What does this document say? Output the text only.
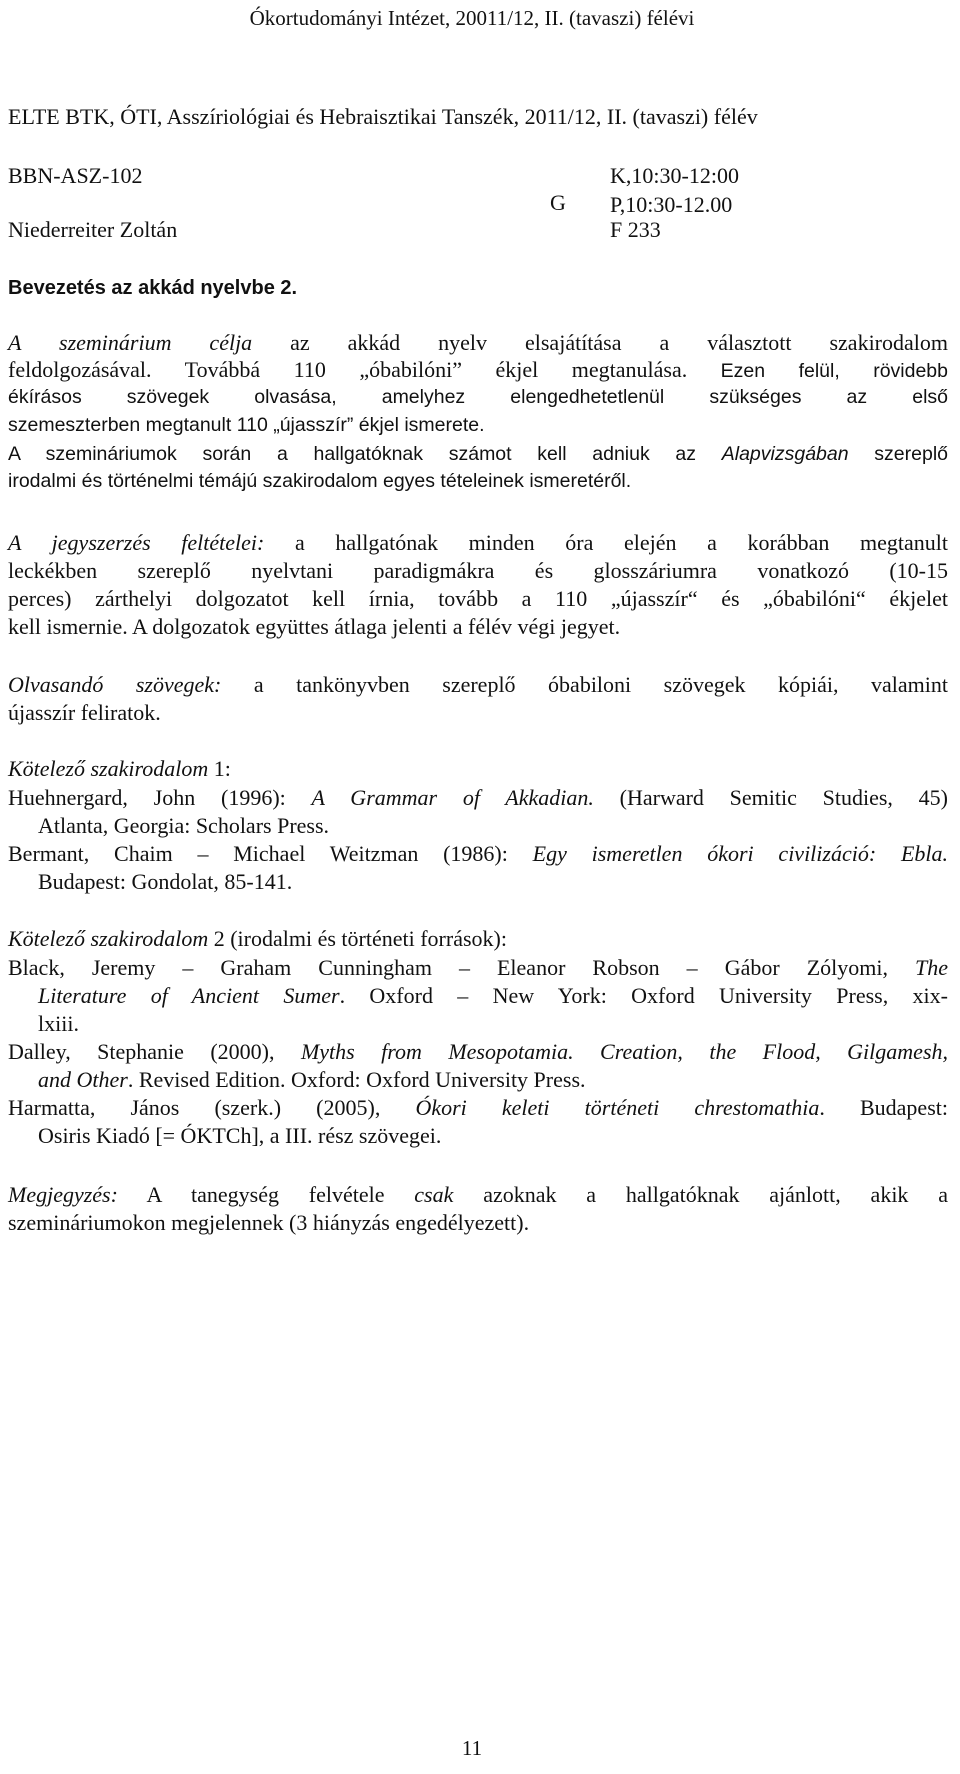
Ókortudományi Intézet, 20011/12, II. (tavaszi) félévi
ELTE BTK, ÓTI, Asszíriológiai és Hebraisztikai Tanszék, 2011/12, II. (tavaszi) félév
BBN-ASZ-102	K,10:30-12:00
G P,10:30-12.00
Niederreiter Zoltán	F 233
Bevezetés az akkád nyelvbe 2.
A szeminárium célja az akkád nyelv elsajátítása a választott szakirodalom
feldolgozásával. Továbbá 110 „óbabilóni” ékjel megtanulása. Ezen felül, rövidebb
ékírásos szövegek olvasása, amelyhez elengedhetetlenül szükséges az első
szemeszterben megtanult 110 „újasszír” ékjel ismerete.
A szemináriumok során a hallgatóknak számot kell adniuk az Alapvizsgában szereplő
irodalmi és történelmi témájú szakirodalom egyes tételeinek ismeretéről.
A jegyszerzés feltételei: a hallgatónak minden óra elején a korábban megtanult
leckékben szereplő nyelvtani paradigmákra és glosszáriumra vonatkozó (10-15
perces) zárthelyi dolgozatot kell írnia, tovább a 110 „újasszír“ és „óbabilóni“ ékjelet
kell ismernie. A dolgozatok együttes átlaga jelenti a félév végi jegyet.
Olvasandó szövegek: a tankönyvben szereplő óbabiloni szövegek kópiái, valamint
újasszír feliratok.
Kötelező szakirodalom 1:
Huehnergard, John (1996): A Grammar of Akkadian. (Harward Semitic Studies, 45)
Atlanta, Georgia: Scholars Press.
Bermant, Chaim – Michael Weitzman (1986): Egy ismeretlen ókori civilizáció: Ebla.
Budapest: Gondolat, 85-141.
Kötelező szakirodalom 2 (irodalmi és történeti források):
Black, Jeremy – Graham Cunningham – Eleanor Robson – Gábor Zólyomi, The
Literature of Ancient Sumer. Oxford – New York: Oxford University Press, xix-
lxiii.
Dalley, Stephanie (2000), Myths from Mesopotamia. Creation, the Flood, Gilgamesh,
and Other. Revised Edition. Oxford: Oxford University Press.
Harmatta, János (szerk.) (2005), Ókori keleti történeti chrestomathia. Budapest:
Osiris Kiadó [= ÓKTCh], a III. rész szövegei.
Megjegyzés: A tanegység felvétele csak azoknak a hallgatóknak ajánlott, akik a
szemináriumokon megjelennek (3 hiányzás engedélyezett).
11
